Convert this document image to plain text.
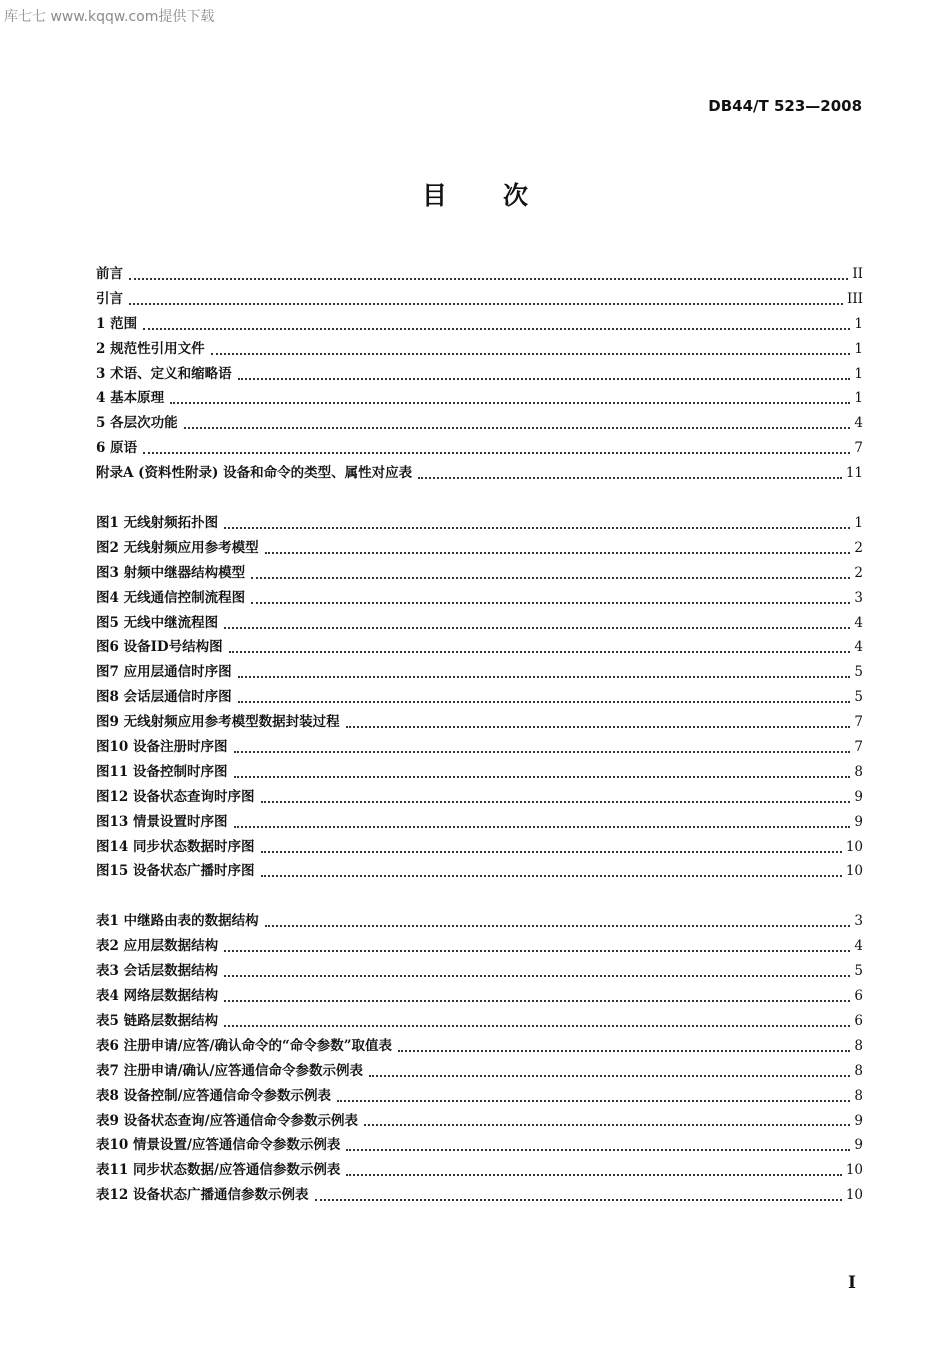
库七七 www.kqqw.com提供下载
DB44/T 523—2008
目 次
前言	II
引言	III
1 范围	1
2 规范性引用文件	1
3 术语、定义和缩略语	1
4 基本原理	1
5 各层次功能	4
6 原语	7
附录A (资料性附录) 设备和命令的类型、属性对应表	11
图1 无线射频拓扑图	1
图2 无线射频应用参考模型	2
图3 射频中继器结构模型	2
图4 无线通信控制流程图	3
图5 无线中继流程图	4
图6 设备ID号结构图	4
图7 应用层通信时序图	5
图8 会话层通信时序图	5
图9 无线射频应用参考模型数据封装过程	7
图10 设备注册时序图	7
图11 设备控制时序图	8
图12 设备状态查询时序图	9
图13 情景设置时序图	9
图14 同步状态数据时序图	10
图15 设备状态广播时序图	10
表1 中继路由表的数据结构	3
表2 应用层数据结构	4
表3 会话层数据结构	5
表4 网络层数据结构	6
表5 链路层数据结构	6
表6 注册申请/应答/确认命令的“命令参数”取值表	8
表7 注册申请/确认/应答通信命令参数示例表	8
表8 设备控制/应答通信命令参数示例表	8
表9 设备状态查询/应答通信命令参数示例表	9
表10 情景设置/应答通信命令参数示例表	9
表11 同步状态数据/应答通信参数示例表	10
表12 设备状态广播通信参数示例表	10
I
